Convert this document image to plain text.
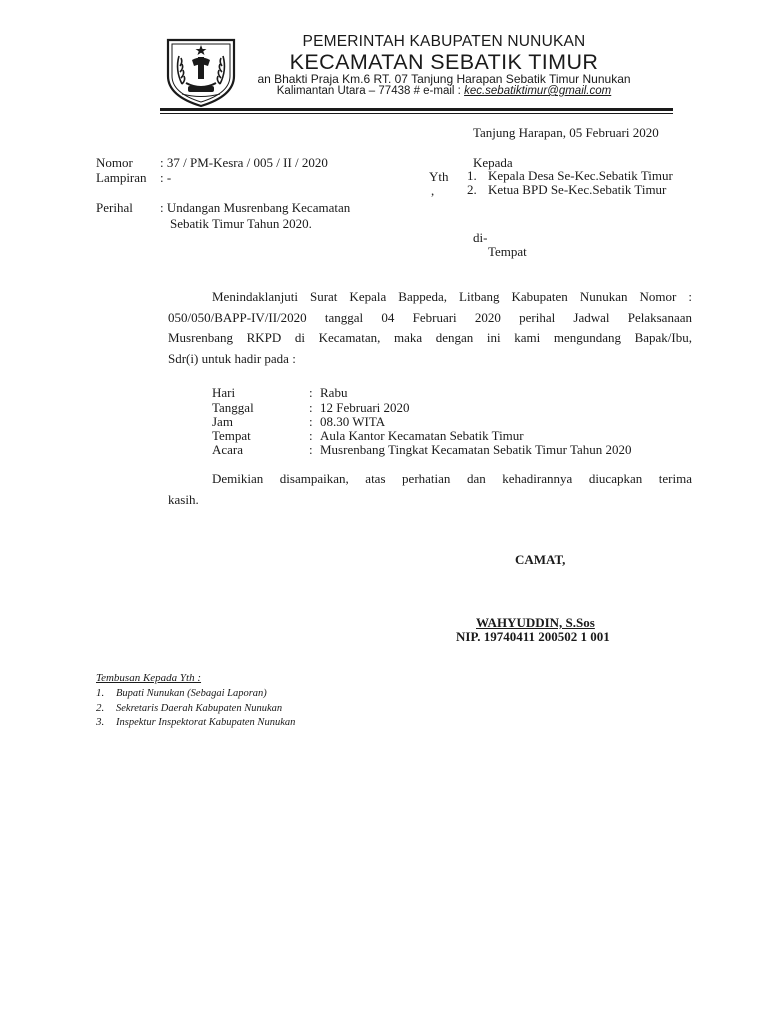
PEMERINTAH KABUPATEN NUNUKAN
KECAMATAN SEBATIK TIMUR
an Bhakti Praja Km.6 RT. 07 Tanjung Harapan Sebatik Timur Nunukan
Kalimantan Utara – 77438 # e-mail : kec.sebatiktimur@gmail.com
Tanjung Harapan, 05 Februari 2020
Nomor : 37 / PM-Kesra / 005 / II / 2020
Lampiran : -
Perihal : Undangan Musrenbang Kecamatan
Sebatik Timur Tahun 2020.
Kepada
Yth
,
1. Kepala Desa Se-Kec.Sebatik Timur
2. Ketua BPD Se-Kec.Sebatik Timur
di-
Tempat
Menindaklanjuti Surat Kepala Bappeda, Litbang Kabupaten Nunukan Nomor :
050/050/BAPP-IV/II/2020 tanggal 04 Februari 2020 perihal Jadwal Pelaksanaan
Musrenbang RKPD di Kecamatan, maka dengan ini kami mengundang Bapak/Ibu,
Sdr(i) untuk hadir pada :
Hari	: Rabu
Tanggal	: 12 Februari 2020
Jam	: 08.30 WITA
Tempat	: Aula Kantor Kecamatan Sebatik Timur
Acara	: Musrenbang Tingkat Kecamatan Sebatik Timur Tahun 2020
Demikian disampaikan, atas perhatian dan kehadirannya diucapkan terima
kasih.
CAMAT,
WAHYUDDIN, S.Sos
NIP. 19740411 200502 1 001
Tembusan Kepada Yth :
1. Bupati Nunukan (Sebagai Laporan)
2. Sekretaris Daerah Kabupaten Nunukan
3. Inspektur Inspektorat Kabupaten Nunukan
